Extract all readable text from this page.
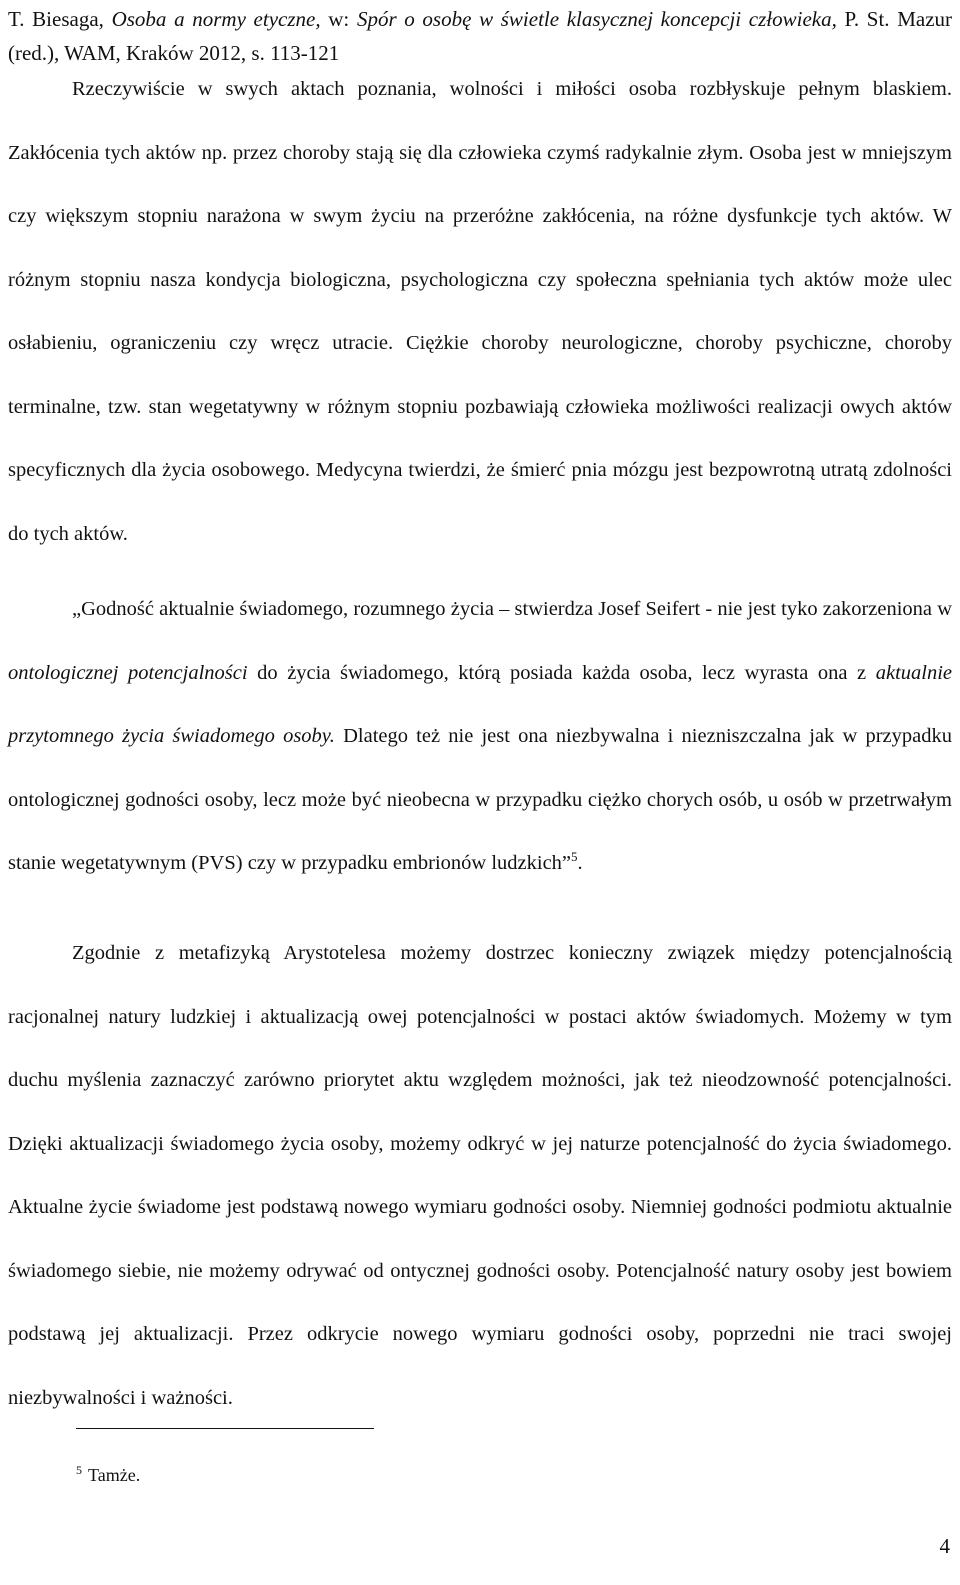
T. Biesaga, Osoba a normy etyczne, w: Spór o osobę w świetle klasycznej koncepcji człowieka, P. St. Mazur (red.), WAM, Kraków 2012, s. 113-121
Rzeczywiście w swych aktach poznania, wolności i miłości osoba rozbłyskuje pełnym blaskiem. Zakłócenia tych aktów np. przez choroby stają się dla człowieka czymś radykalnie złym. Osoba jest w mniejszym czy większym stopniu narażona w swym życiu na przeróżne zakłócenia, na różne dysfunkcje tych aktów. W różnym stopniu nasza kondycja biologiczna, psychologiczna czy społeczna spełniania tych aktów może ulec osłabieniu, ograniczeniu czy wręcz utracie. Ciężkie choroby neurologiczne, choroby psychiczne, choroby terminalne, tzw. stan wegetatywny w różnym stopniu pozbawiają człowieka możliwości realizacji owych aktów specyficznych dla życia osobowego. Medycyna twierdzi, że śmierć pnia mózgu jest bezpowrotną utratą zdolności do tych aktów.
„Godność aktualnie świadomego, rozumnego życia – stwierdza Josef Seifert - nie jest tyko zakorzeniona w ontologicznej potencjalności do życia świadomego, którą posiada każda osoba, lecz wyrasta ona z aktualnie przytomnego życia świadomego osoby. Dlatego też nie jest ona niezbywalna i niezniszczalna jak w przypadku ontologicznej godności osoby, lecz może być nieobecna w przypadku ciężko chorych osób, u osób w przetrwałym stanie wegetatywnym (PVS) czy w przypadku embrionów ludzkich”$^5$.
Zgodnie z metafizyką Arystotelesa możemy dostrzec konieczny związek między potencjalnością racjonalnej natury ludzkiej i aktualizacją owej potencjalności w postaci aktów świadomych. Możemy w tym duchu myślenia zaznaczyć zarówno priorytet aktu względem możności, jak też nieodzowność potencjalności. Dzięki aktualizacji świadomego życia osoby, możemy odkryć w jej naturze potencjalność do życia świadomego. Aktualne życie świadome jest podstawą nowego wymiaru godności osoby. Niemniej godności podmiotu aktualnie świadomego siebie, nie możemy odrywać od ontycznej godności osoby. Potencjalność natury osoby jest bowiem podstawą jej aktualizacji. Przez odkrycie nowego wymiaru godności osoby, poprzedni nie traci swojej niezbywalności i ważności.
$^5$ Tamże.
4
